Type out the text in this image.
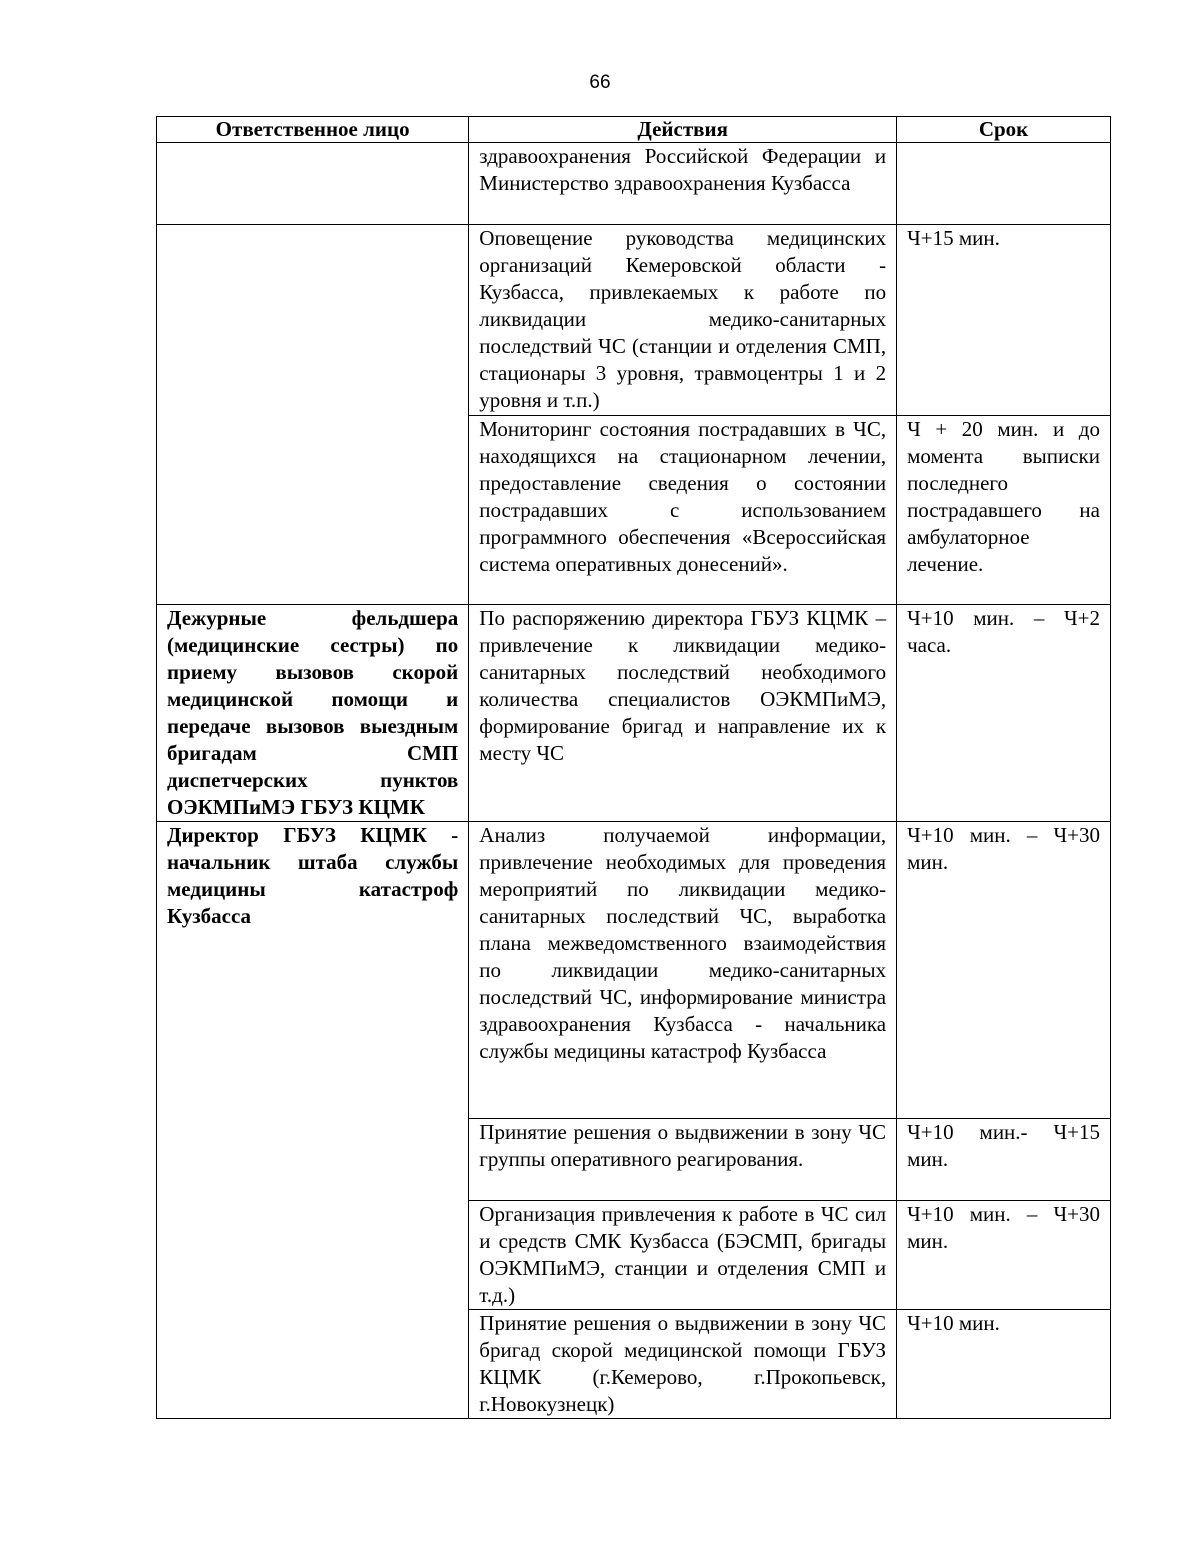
66
Ответственное лицо	Действия	Срок
	здравоохранения Российской Федерации и Министерство здравоохранения Кузбасса	
	Оповещение руководства медицинских организаций Кемеровской области - Кузбасса, привлекаемых к работе по ликвидации медико-санитарных последствий ЧС (станции и отделения СМП, стационары 3 уровня, травмоцентры 1 и 2 уровня и т.п.)	Ч+15 мин.
	Мониторинг состояния пострадавших в ЧС, находящихся на стационарном лечении, предоставление сведения о состоянии пострадавших с использованием программного обеспечения «Всероссийская система оперативных донесений».	Ч + 20 мин. и до момента выписки последнего пострадавшего на амбулаторное лечение.
Дежурные фельдшера (медицинские сестры) по приему вызовов скорой медицинской помощи и передаче вызовов выездным бригадам СМП диспетчерских пунктов ОЭКМПиМЭ ГБУЗ КЦМК	По распоряжению директора ГБУЗ КЦМК – привлечение к ликвидации медико-санитарных последствий необходимого количества специалистов ОЭКМПиМЭ, формирование бригад и направление их к месту ЧС	Ч+10 мин. – Ч+2 часа.
Директор ГБУЗ КЦМК - начальник штаба службы медицины катастроф Кузбасса	Анализ получаемой информации, привлечение необходимых для проведения мероприятий по ликвидации медико-санитарных последствий ЧС, выработка плана межведомственного взаимодействия по ликвидации медико-санитарных последствий ЧС, информирование министра здравоохранения Кузбасса - начальника службы медицины катастроф Кузбасса	Ч+10 мин. – Ч+30 мин.
	Принятие решения о выдвижении в зону ЧС группы оперативного реагирования.	Ч+10 мин.- Ч+15 мин.
	Организация привлечения к работе в ЧС сил и средств СМК Кузбасса (БЭСМП, бригады ОЭКМПиМЭ, станции и отделения СМП и т.д.)	Ч+10 мин. – Ч+30 мин.
	Принятие решения о выдвижении в зону ЧС бригад скорой медицинской помощи ГБУЗ КЦМК (г.Кемерово, г.Прокопьевск, г.Новокузнецк)	Ч+10 мин.
